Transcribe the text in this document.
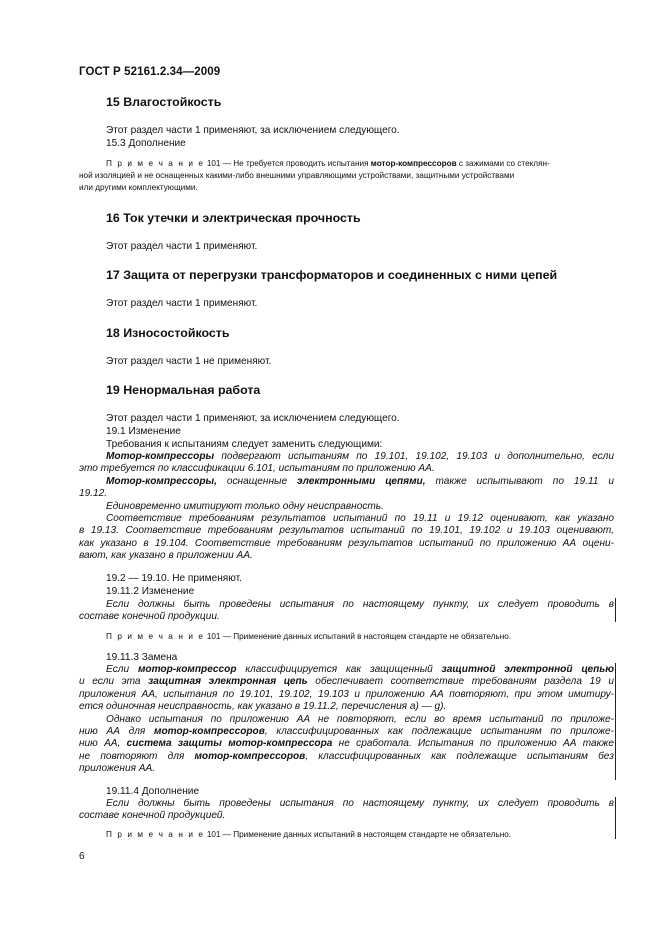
ГОСТ Р 52161.2.34—2009
15 Влагостойкость
Этот раздел части 1 применяют, за исключением следующего.
15.3 Дополнение
П р и м е ч а н и е 101 — Не требуется проводить испытания мотор-компрессоров с зажимами со стеклян-
ной изоляцией и не оснащенных какими-либо внешними управляющими устройствами, защитными устройствами
или другими комплектующими.
16 Ток утечки и электрическая прочность
Этот раздел части 1 применяют.
17 Защита от перегрузки трансформаторов и соединенных с ними цепей
Этот раздел части 1 применяют.
18 Износостойкость
Этот раздел части 1 не применяют.
19 Ненормальная работа
Этот раздел части 1 применяют, за исключением следующего.
19.1 Изменение
Требования к испытаниям следует заменить следующими:
Мотор-компрессоры подвергают испытаниям по 19.101, 19.102, 19.103 и дополнительно, если
это требуется по классификации 6.101, испытаниям по приложению АА.
Мотор-компрессоры, оснащенные электронными цепями, также испытывают по 19.11 и
19.12.
Единовременно имитируют только одну неисправность.
Соответствие требованиям результатов испытаний по 19.11 и 19.12 оценивают, как указано
в 19.13. Соответствие требованиям результатов испытаний по 19.101, 19.102 и 19.103 оценивают,
как указано в 19.104. Соответствие требованиям результатов испытаний по приложению АА оцени-
вают, как указано в приложении АА.
19.2 — 19.10. Не применяют.
19.11.2 Изменение
Если должны быть проведены испытания по настоящему пункту, их следует проводить в
составе конечной продукции.
П р и м е ч а н и е 101 — Применение данных испытаний в настоящем стандарте не обязательно.
19.11.3 Замена
Если мотор-компрессор классифицируется как защищенный защитной электронной цепью
и если эта защитная электронная цепь обеспечивает соответствие требованиям раздела 19 и
приложения АА, испытания по 19.101, 19.102, 19.103 и приложению АА повторяют, при этом имитиру-
ется одиночная неисправность, как указано в 19.11.2, перечисления а) — g).
Однако испытания по приложению АА не повторяют, если во время испытаний по приложе-
нию АА для мотор-компрессоров, классифицированных как подлежащие испытаниям по приложе-
нию АА, система защиты мотор-компрессора не сработала. Испытания по приложению АА также
не повторяют для мотор-компрессоров, классифицированных как подлежащие испытаниям без
приложения АА.
19.11.4 Дополнение
Если должны быть проведены испытания по настоящему пункту, их следует проводить в
составе конечной продукцией.
П р и м е ч а н и е 101 — Применение данных испытаний в настоящем стандарте не обязательно.
6
